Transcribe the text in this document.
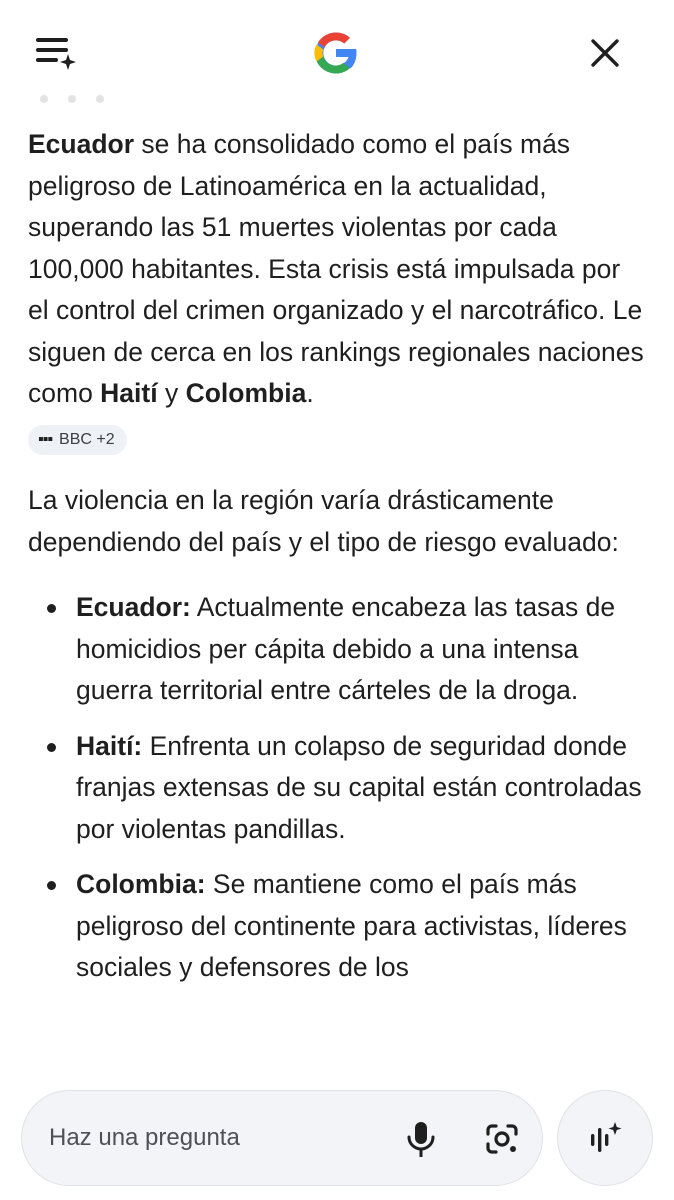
Ecuador se ha consolidado como el país más peligroso de Latinoamérica en la actualidad, superando las 51 muertes violentas por cada 100,000 habitantes. Esta crisis está impulsada por el control del crimen organizado y el narcotráfico. Le siguen de cerca en los rankings regionales naciones como Haití y Colombia.

▪▪▪ BBC +2

La violencia en la región varía drásticamente dependiendo del país y el tipo de riesgo evaluado:

Ecuador: Actualmente encabeza las tasas de homicidios per cápita debido a una intensa guerra territorial entre cárteles de la droga.
Haití: Enfrenta un colapso de seguridad donde franjas extensas de su capital están controladas por violentas pandillas.
Colombia: Se mantiene como el país más peligroso del continente para activistas, líderes sociales y defensores de los
Haz una pregunta
